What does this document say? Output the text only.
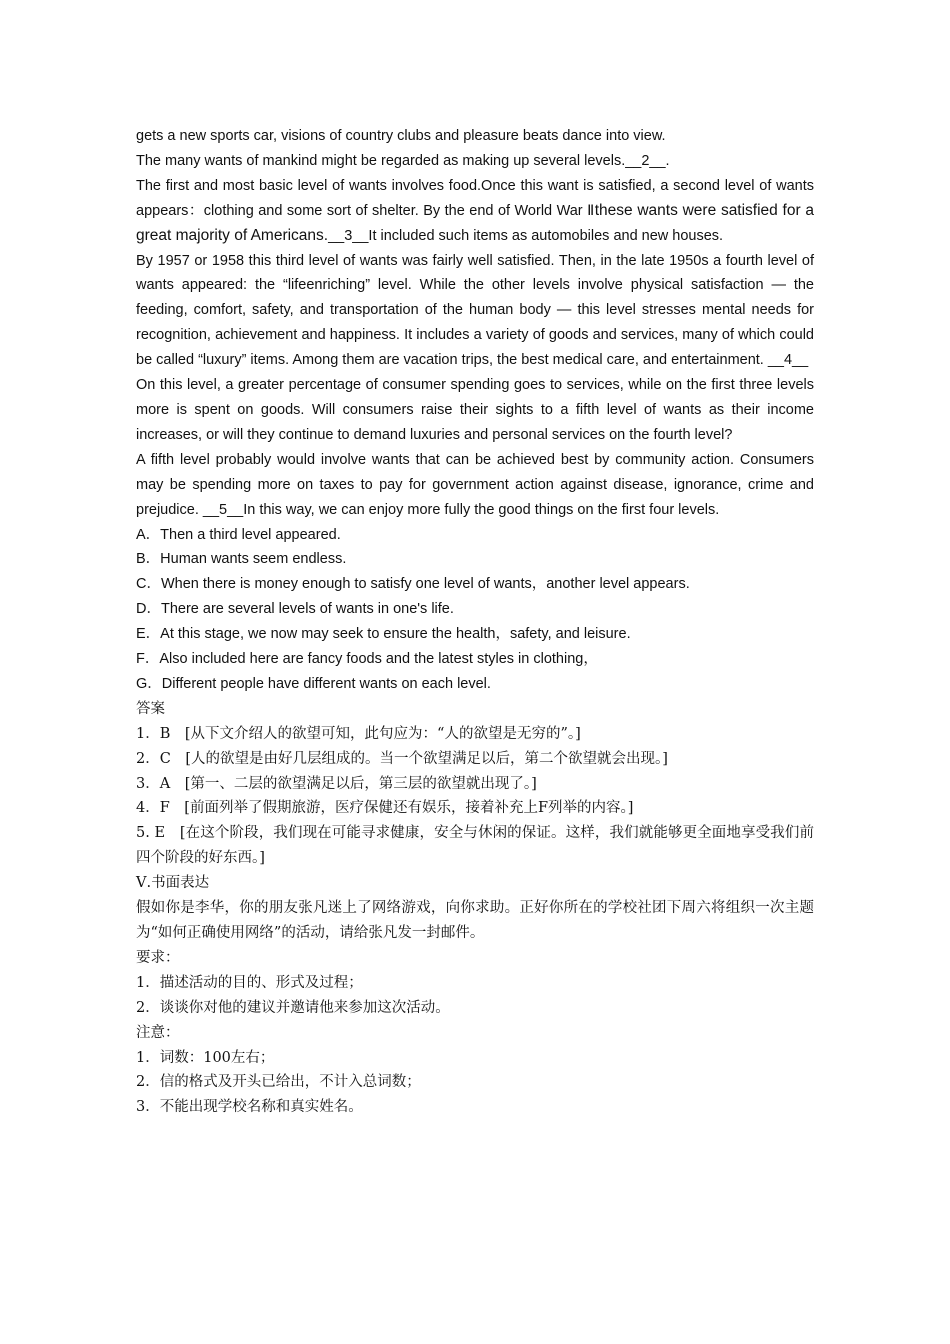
gets a new sports car, visions of country clubs and pleasure beats dance into view.

The many wants of mankind might be regarded as making up several levels.__2__.

The first and most basic level of wants involves food.Once this want is satisfied, a second level of wants appears：clothing and some sort of shelter. By the end of World War Ⅱthese wants were satisfied for a great majority of Americans.__3__It included such items as automobiles and new houses.

By 1957 or 1958 this third level of wants was fairly well satisfied. Then, in the late 1950s a fourth level of wants appeared: the “lifeenriching” level. While the other levels involve physical satisfaction — the feeding, comfort, safety, and transportation of the human body — this level stresses mental needs for recognition, achievement and happiness. It includes a variety of goods and services, many of which could be called “luxury” items. Among them are vacation trips, the best medical care, and entertainment. __4__

On this level, a greater percentage of consumer spending goes to services, while on the first three levels more is spent on goods. Will consumers raise their sights to a fifth level of wants as their income increases, or will they continue to demand luxuries and personal services on the fourth level?

A fifth level probably would involve wants that can be achieved best by community action. Consumers may be spending more on taxes to pay for government action against disease, ignorance, crime and prejudice. __5__In this way, we can enjoy more fully the good things on the first four levels.

A．Then a third level appeared.

B．Human wants seem endless.

C．When there is money enough to satisfy one level of wants，another level appears.

D．There are several levels of wants in one's life.

E．At this stage, we now may seek to ensure the health，safety, and leisure.

F．Also included here are fancy foods and the latest styles in clothing，

G．Different people have different wants on each level.

答案

1．B　[从下文介绍人的欲望可知，此句应为：“人的欲望是无穷的”。]

2．C　[人的欲望是由好几层组成的。当一个欲望满足以后，第二个欲望就会出现。]

3．A　[第一、二层的欲望满足以后，第三层的欲望就出现了。]

4．F　[前面列举了假期旅游，医疗保健还有娱乐，接着补充上F列举的内容。]

5. E　[在这个阶段，我们现在可能寻求健康，安全与休闲的保证。这样，我们就能够更全面地享受我们前四个阶段的好东西。]

Ⅴ.书面表达

假如你是李华，你的朋友张凡迷上了网络游戏，向你求助。正好你所在的学校社团下周六将组织一次主题为“如何正确使用网络”的活动，请给张凡发一封邮件。

要求：

1．描述活动的目的、形式及过程；

2．谈谈你对他的建议并邀请他来参加这次活动。

注意：

1．词数：100左右；

2．信的格式及开头已给出，不计入总词数；

3．不能出现学校名称和真实姓名。
